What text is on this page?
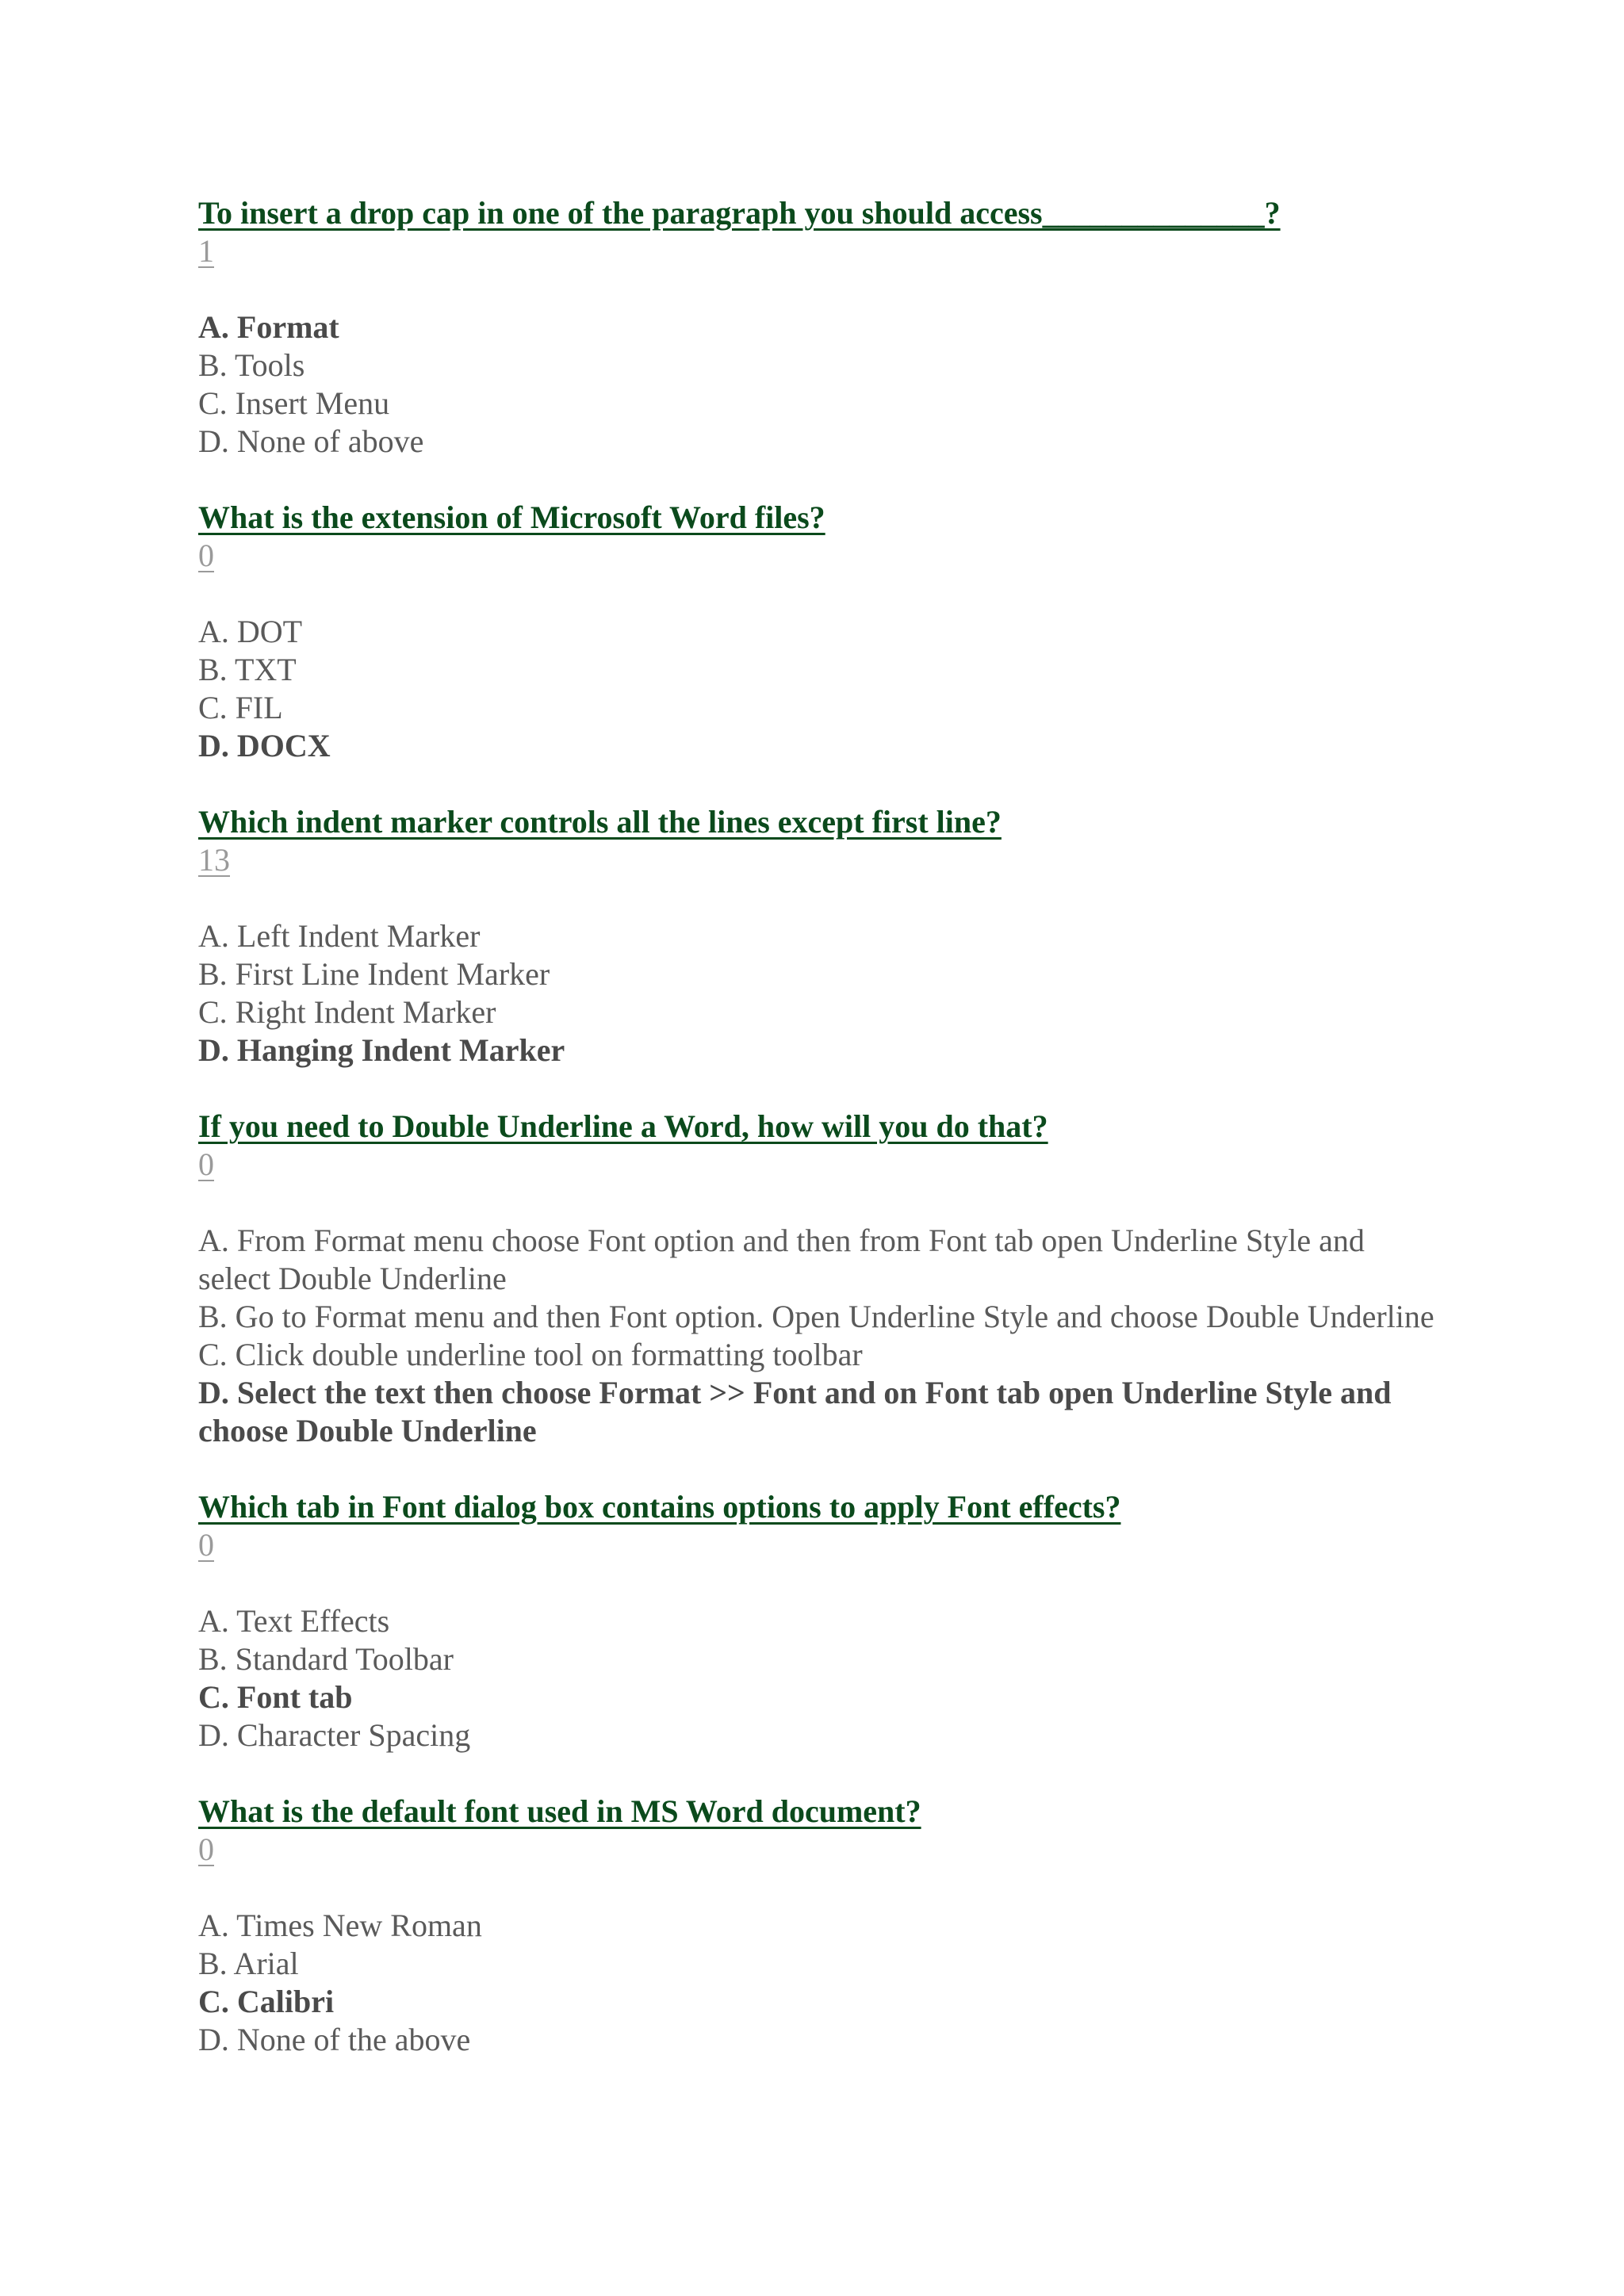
To insert a drop cap in one of the paragraph you should access______________?
1
A. Format
B. Tools
C. Insert Menu
D. None of above
What is the extension of Microsoft Word files?
0
A. DOT
B. TXT
C. FIL
D. DOCX
Which indent marker controls all the lines except first line?
13
A. Left Indent Marker
B. First Line Indent Marker
C. Right Indent Marker
D. Hanging Indent Marker
If you need to Double Underline a Word, how will you do that?
0
A. From Format menu choose Font option and then from Font tab open Underline Style and select Double Underline
B. Go to Format menu and then Font option. Open Underline Style and choose Double Underline
C. Click double underline tool on formatting toolbar
D. Select the text then choose Format >> Font and on Font tab open Underline Style and choose Double Underline
Which tab in Font dialog box contains options to apply Font effects?
0
A. Text Effects
B. Standard Toolbar
C. Font tab
D. Character Spacing
What is the default font used in MS Word document?
0
A. Times New Roman
B. Arial
C. Calibri
D. None of the above
